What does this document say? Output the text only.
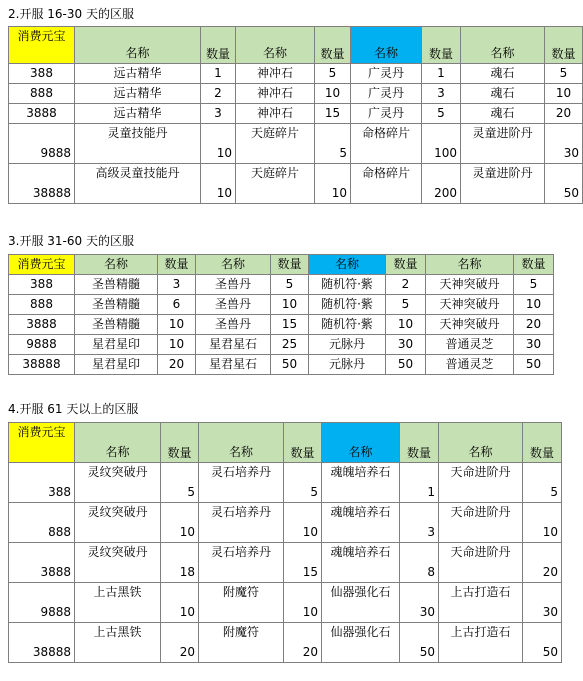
2.开服 16-30 天的区服
消费元宝	名称	数量	名称	数量	名称	数量	名称	数量
388	远古精华	1	神冲石	5	广灵丹	1	魂石	5
888	远古精华	2	神冲石	10	广灵丹	3	魂石	10
3888	远古精华	3	神冲石	15	广灵丹	5	魂石	20
9888	灵童技能丹	10	天庭碎片	5	命格碎片	100	灵童进阶丹	30
38888	高级灵童技能丹	10	天庭碎片	10	命格碎片	200	灵童进阶丹	50
3.开服 31-60 天的区服
消费元宝	名称	数量	名称	数量	名称	数量	名称	数量
388	圣兽精髓	3	圣兽丹	5	随机符·紫	2	天神突破丹	5
888	圣兽精髓	6	圣兽丹	10	随机符·紫	5	天神突破丹	10
3888	圣兽精髓	10	圣兽丹	15	随机符·紫	10	天神突破丹	20
9888	星君星印	10	星君星石	25	元脉丹	30	普通灵芝	30
38888	星君星印	20	星君星石	50	元脉丹	50	普通灵芝	50
4.开服 61 天以上的区服
消费元宝	名称	数量	名称	数量	名称	数量	名称	数量
388	灵纹突破丹	5	灵石培养丹	5	魂魄培养石	1	天命进阶丹	5
888	灵纹突破丹	10	灵石培养丹	10	魂魄培养石	3	天命进阶丹	10
3888	灵纹突破丹	18	灵石培养丹	15	魂魄培养石	8	天命进阶丹	20
9888	上古黑铁	10	附魔符	10	仙器强化石	30	上古打造石	30
38888	上古黑铁	20	附魔符	20	仙器强化石	50	上古打造石	50
